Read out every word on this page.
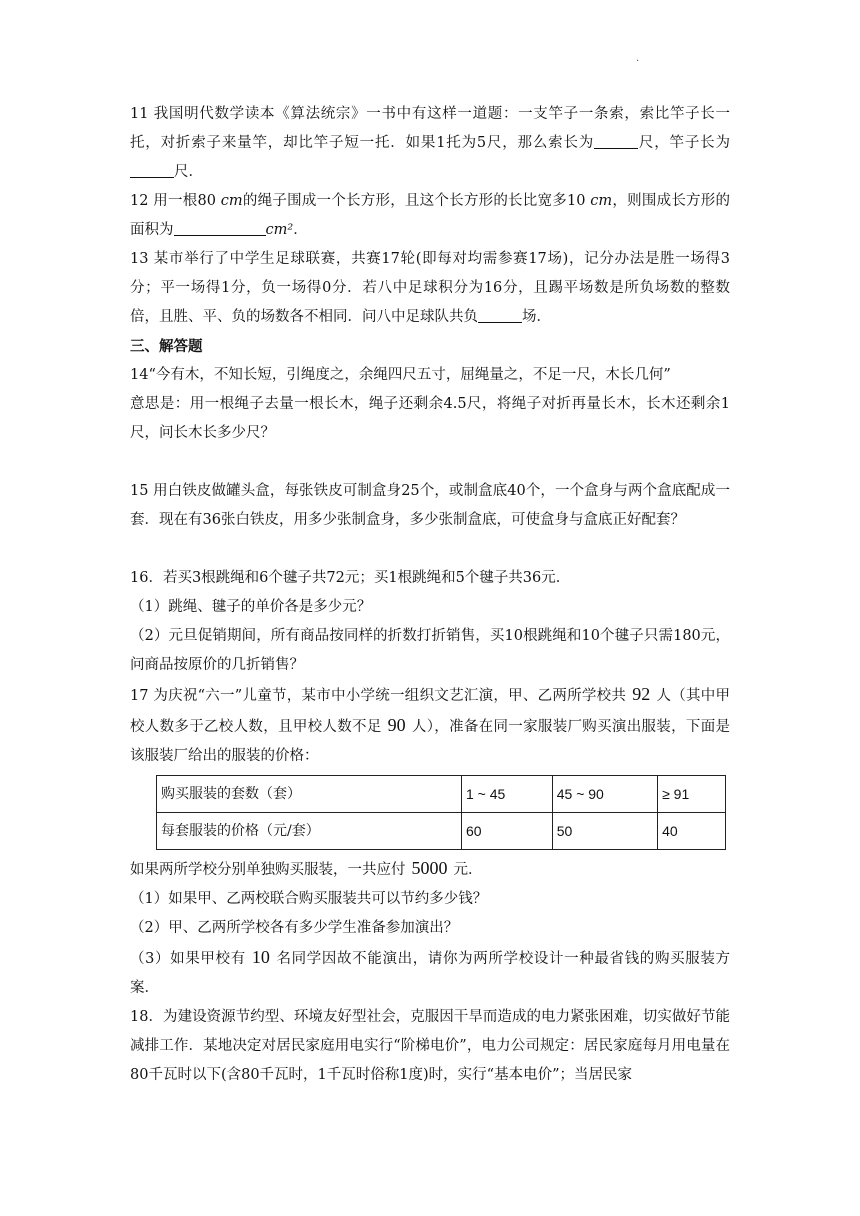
·

11 我国明代数学读本《算法统宗》一书中有这样一道题：一支竿子一条索，索比竿子长一托，对折索子来量竿，却比竿子短一托．如果1托为5尺，那么索长为	尺，竿子长为尺．

12 用一根80 cm的绳子围成一个长方形，且这个长方形的长比宽多10 cm，则围成长方形的面积为	cm²．

13 某市举行了中学生足球联赛，共赛17轮(即每对均需参赛17场)，记分办法是胜一场得3分；平一场得1分，负一场得0分．若八中足球积分为16分，且踢平场数是所负场数的整数倍，且胜、平、负的场数各不相同．问八中足球队共负	场．

三、解答题

14“今有木，不知长短，引绳度之，余绳四尺五寸，屈绳量之，不足一尺，木长几何”

意思是：用一根绳子去量一根长木，绳子还剩余4.5尺，将绳子对折再量长木，长木还剩余1尺，问长木长多少尺？

15 用白铁皮做罐头盒，每张铁皮可制盒身25个，或制盒底40个，一个盒身与两个盒底配成一套．现在有36张白铁皮，用多少张制盒身，多少张制盒底，可使盒身与盒底正好配套？

16．若买3根跳绳和6个毽子共72元；买1根跳绳和5个毽子共36元．

（1）跳绳、毽子的单价各是多少元？

（2）元旦促销期间，所有商品按同样的折数打折销售，买10根跳绳和10个毽子只需180元，问商品按原价的几折销售？

17 为庆祝“六一”儿童节，某市中小学统一组织文艺汇演，甲、乙两所学校共 92 人（其中甲校人数多于乙校人数，且甲校人数不足 90 人），准备在同一家服装厂购买演出服装，下面是该服装厂给出的服装的价格：

购买服装的套数（套）	1 ~ 45	45 ~ 90	≥ 91
每套服装的价格（元/套）	60	50	40

如果两所学校分别单独购买服装，一共应付 5000 元．

（1）如果甲、乙两校联合购买服装共可以节约多少钱？

（2）甲、乙两所学校各有多少学生准备参加演出？

（3）如果甲校有 10 名同学因故不能演出，请你为两所学校设计一种最省钱的购买服装方案．

18．为建设资源节约型、环境友好型社会，克服因干旱而造成的电力紧张困难，切实做好节能减排工作．某地决定对居民家庭用电实行“阶梯电价”，电力公司规定：居民家庭每月用电量在80千瓦时以下(含80千瓦时，1千瓦时俗称1度)时，实行“基本电价”；当居民家
